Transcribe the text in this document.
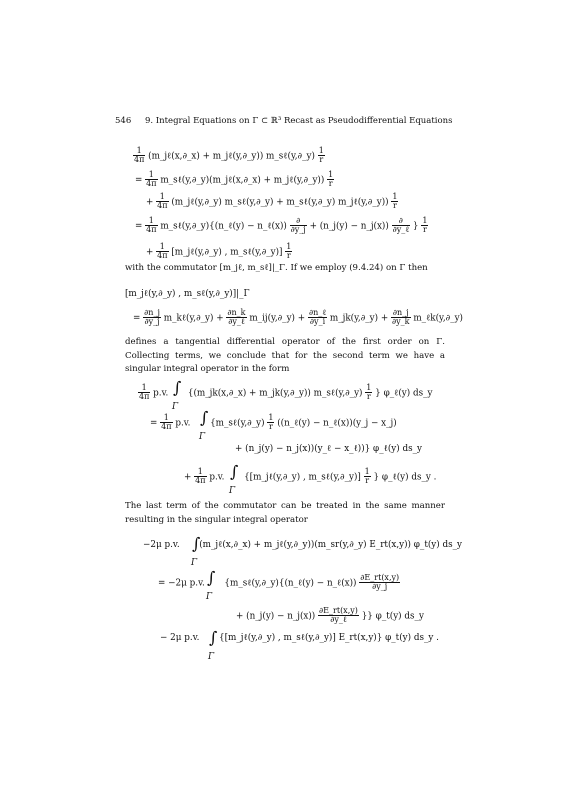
546 9. Integral Equations on Γ ⊂ ℝ³ Recast as Pseudodifferential Equations
$\frac{1}{4\pi}$ (m_jℓ(x,∂_x) + m_jℓ(y,∂_y)) m_sℓ(y,∂_y) $\frac{1}{r}$
= $\frac{1}{4\pi}$ m_sℓ(y,∂_y)(m_jℓ(x,∂_x) + m_jℓ(y,∂_y)) $\frac{1}{r}$
+ $\frac{1}{4\pi}$ (m_jℓ(y,∂_y) m_sℓ(y,∂_y) + m_sℓ(y,∂_y) m_jℓ(y,∂_y)) $\frac{1}{r}$
= $\frac{1}{4\pi}$ m_sℓ(y,∂_y){(n_ℓ(y) − n_ℓ(x)) $\frac{\partial}{\partial y\_j}$ + (n_j(y) − n_j(x)) $\frac{\partial}{\text{∂y\_ℓ}}$ } $\frac{1}{r}$
+ $\frac{1}{4\pi}$ [m_jℓ(y,∂_y) , m_sℓ(y,∂_y)] $\frac{1}{r}$
with the commutator [m_jℓ, m_sℓ]|_Γ. If we employ (9.4.24) on Γ then
[m_jℓ(y,∂_y) , m_sℓ(y,∂_y)]|_Γ
= $\frac{\partial n\_j}{\partial y\_j}$ m_kℓ(y,∂_y) + $\frac{\partial n\_k}{\text{∂y\_ℓ}}$ m_ij(y,∂_y) + $\frac{\text{∂n\_ℓ}}{\partial y\_i}$ m_jk(y,∂_y) + $\frac{\partial n\_j}{\partial y\_k}$ m_ℓk(y,∂_y)
defines a tangential differential operator of the first order on Γ. Collecting terms, we conclude that for the second term we have a singular integral operator in the form
$\frac{1}{4\pi} p.v$. {(m_jk(x,∂_x) + m_jk(y,∂_y)) m_sℓ(y,∂_y) $\frac{1}{r}$ } φ_ℓ(y) ds_y
∫
Γ
= $\frac{1}{4\pi} p.v$. {m_sℓ(y,∂_y) $\frac{1}{r}$ ((n_ℓ(y) − n_ℓ(x))(y_j − x_j)
∫
Γ
+ (n_j(y) − n_j(x))(y_ℓ − x_ℓ))} φ_ℓ(y) ds_y
+ $\frac{1}{4\pi} p.v$. {[m_jℓ(y,∂_y) , m_sℓ(y,∂_y)] $\frac{1}{r}$ } φ_ℓ(y) ds_y .
∫
Γ
The last term of the commutator can be treated in the same manner resulting in the singular integral operator
−2μ p.v. (m_jℓ(x,∂_x) + m_jℓ(y,∂_y))(m_sr(y,∂_y) E_rt(x,y)) φ_t(y) ds_y
∫
Γ
= −2μ p.v. {m_sℓ(y,∂_y){(n_ℓ(y) − n_ℓ(x)) $\frac{\partial E\_rt(x,y)}{\partial y\_j}$
∫
Γ
+ (n_j(y) − n_j(x)) $\frac{\partial E\_rt(x,y)}{\text{∂y\_ℓ}}$ }} φ_t(y) ds_y
− 2μ p.v. {[m_jℓ(y,∂_y) , m_sℓ(y,∂_y)] E_rt(x,y)} φ_t(y) ds_y .
∫
Γ
